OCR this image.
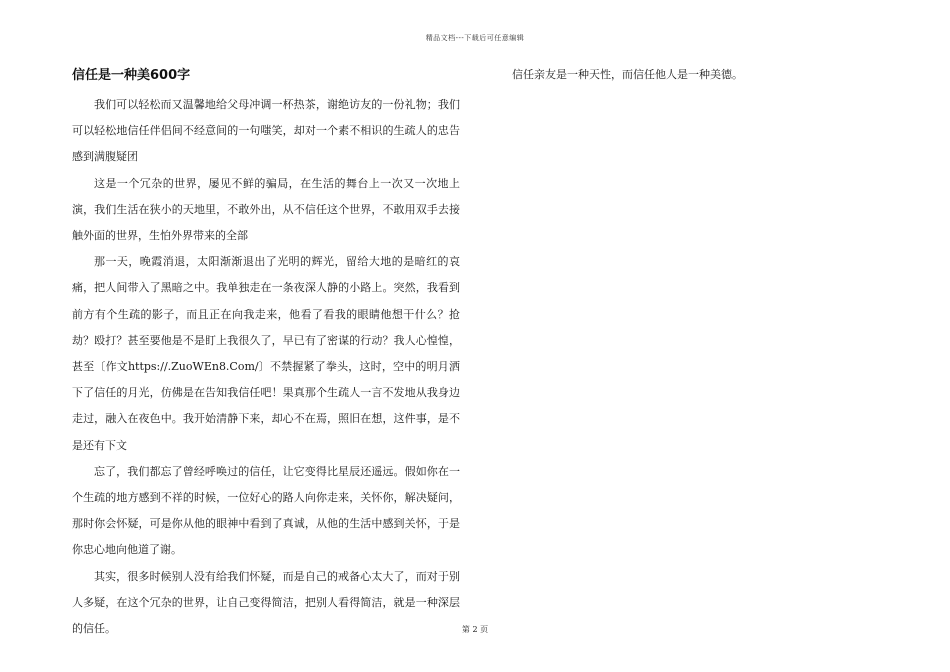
精品文档---下载后可任意编辑
信任是一种美600字

我们可以轻松而又温馨地给父母冲调一杯热茶，谢绝访友的一份礼物；我们可以轻松地信任伴侣间不经意间的一句嗤笑，却对一个素不相识的生疏人的忠告感到满腹疑团

这是一个冗杂的世界，屡见不鲜的骗局，在生活的舞台上一次又一次地上演，我们生活在狭小的天地里，不敢外出，从不信任这个世界，不敢用双手去接触外面的世界，生怕外界带来的全部

那一天，晚霞消退，太阳渐渐退出了光明的辉光，留给大地的是暗红的哀痛，把人间带入了黑暗之中。我单独走在一条夜深人静的小路上。突然，我看到前方有个生疏的影子，而且正在向我走来，他看了看我的眼睛他想干什么？抢劫？殴打？甚至要他是不是盯上我很久了，早已有了密谋的行动？我人心惶惶，甚至〔作文https://.ZuoWEn8.Com/〕不禁握紧了拳头，这时，空中的明月洒下了信任的月光，仿佛是在告知我信任吧！果真那个生疏人一言不发地从我身边走过，融入在夜色中。我开始清静下来，却心不在焉，照旧在想，这件事，是不是还有下文

忘了，我们都忘了曾经呼唤过的信任，让它变得比星辰还遥远。假如你在一个生疏的地方感到不祥的时候，一位好心的路人向你走来，关怀你，解决疑问，那时你会怀疑，可是你从他的眼神中看到了真诚，从他的生活中感到关怀，于是你忠心地向他道了谢。

其实，很多时候别人没有给我们怀疑，而是自己的戒备心太大了，而对于别人多疑，在这个冗杂的世界，让自己变得简洁，把别人看得简洁，就是一种深层的信任。

信任亲友是一种天性，而信任他人是一种美德。

第 2 页
